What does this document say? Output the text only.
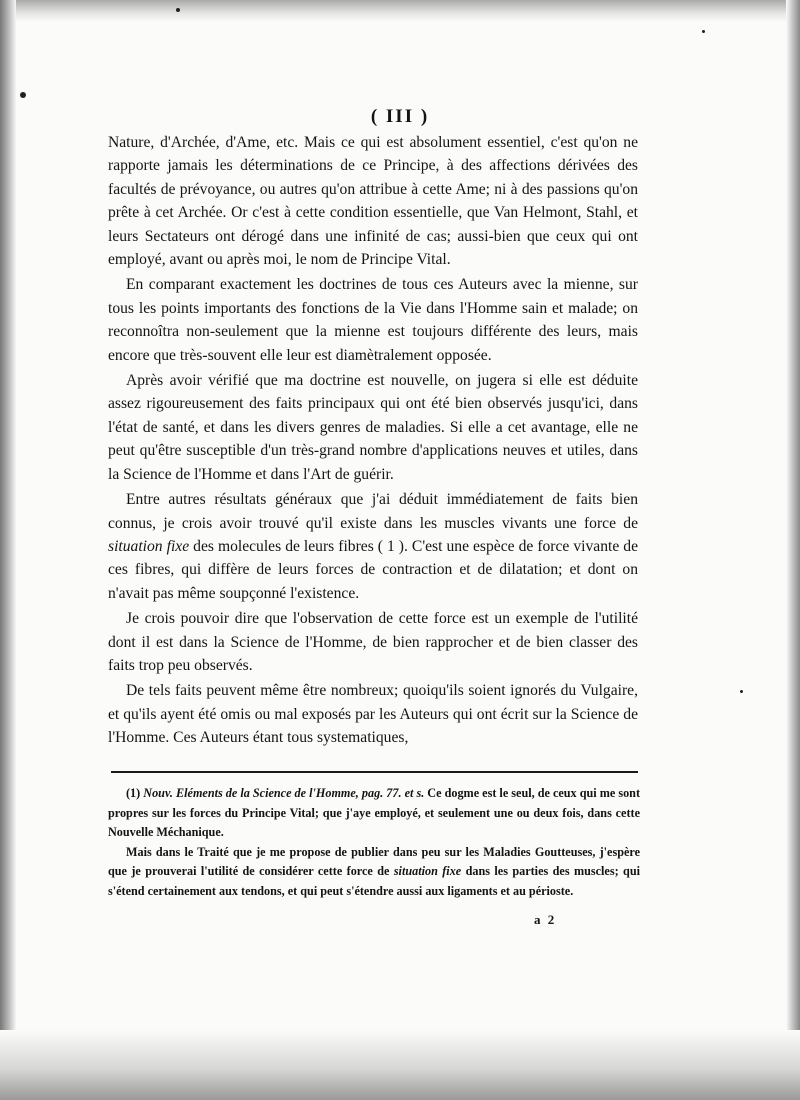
( III )

Nature, d'Archée, d'Ame, etc. Mais ce qui est absolument essentiel, c'est qu'on ne rapporte jamais les déterminations de ce Principe, à des affections dérivées des facultés de prévoyance, ou autres qu'on attribue à cette Ame; ni à des passions qu'on prête à cet Archée. Or c'est à cette condition essentielle, que Van Helmont, Stahl, et leurs Sectateurs ont dérogé dans une infinité de cas; aussi-bien que ceux qui ont employé, avant ou après moi, le nom de Principe Vital.

En comparant exactement les doctrines de tous ces Auteurs avec la mienne, sur tous les points importants des fonctions de la Vie dans l'Homme sain et malade; on reconnoîtra non-seulement que la mienne est toujours différente des leurs, mais encore que très-souvent elle leur est diamètralement opposée.

Après avoir vérifié que ma doctrine est nouvelle, on jugera si elle est déduite assez rigoureusement des faits principaux qui ont été bien observés jusqu'ici, dans l'état de santé, et dans les divers genres de maladies. Si elle a cet avantage, elle ne peut qu'être susceptible d'un très-grand nombre d'applications neuves et utiles, dans la Science de l'Homme et dans l'Art de guérir.

Entre autres résultats généraux que j'ai déduit immédiatement de faits bien connus, je crois avoir trouvé qu'il existe dans les muscles vivants une force de situation fixe des molecules de leurs fibres ( 1 ). C'est une espèce de force vivante de ces fibres, qui diffère de leurs forces de contraction et de dilatation; et dont on n'avait pas même soupçonné l'existence.

Je crois pouvoir dire que l'observation de cette force est un exemple de l'utilité dont il est dans la Science de l'Homme, de bien rapprocher et de bien classer des faits trop peu observés.

De tels faits peuvent même être nombreux; quoiqu'ils soient ignorés du Vulgaire, et qu'ils ayent été omis ou mal exposés par les Auteurs qui ont écrit sur la Science de l'Homme. Ces Auteurs étant tous systematiques,

(1) Nouv. Eléments de la Science de l'Homme, pag. 77. et s. Ce dogme est le seul, de ceux qui me sont propres sur les forces du Principe Vital; que j'aye employé, et seulement une ou deux fois, dans cette Nouvelle Méchanique.

Mais dans le Traité que je me propose de publier dans peu sur les Maladies Goutteuses, j'espère que je prouverai l'utilité de considérer cette force de situation fixe dans les parties des muscles; qui s'étend certainement aux tendons, et qui peut s'étendre aussi aux ligaments et au périoste.

a 2
